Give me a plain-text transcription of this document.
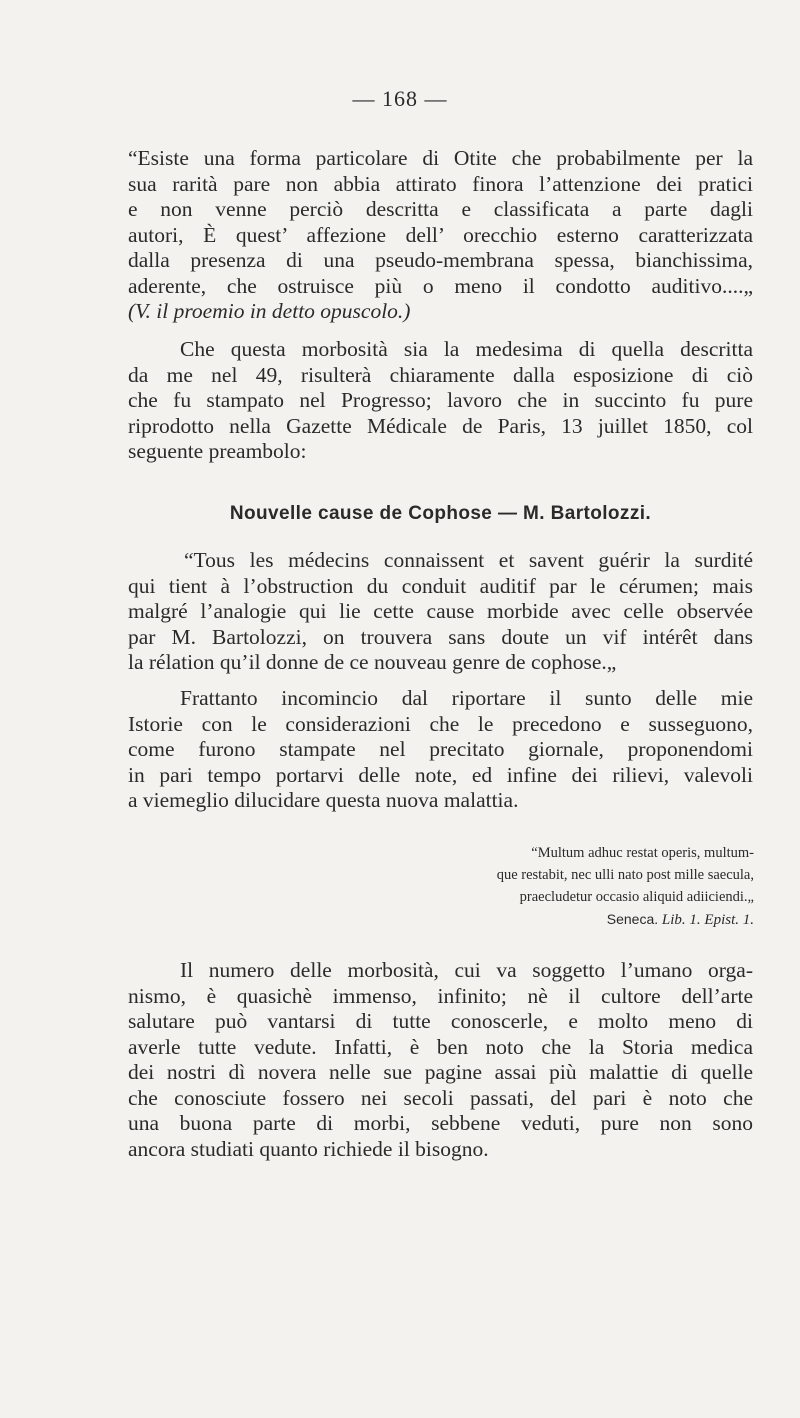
— 168 —
“Esiste una forma particolare di Otite che probabilmente per la
sua rarità pare non abbia attirato finora l’attenzione dei pratici
e non venne perciò descritta e classificata a parte dagli
autori, È quest’ affezione dell’ orecchio esterno caratterizzata
dalla presenza di una pseudo-membrana spessa, bianchissima,
aderente, che ostruisce più o meno il condotto auditivo....„
(V. il proemio in detto opuscolo.)
Che questa morbosità sia la medesima di quella descritta
da me nel 49, risulterà chiaramente dalla esposizione di ciò
che fu stampato nel Progresso; lavoro che in succinto fu pure
riprodotto nella Gazette Médicale de Paris, 13 juillet 1850, col
seguente preambolo:
Nouvelle cause de Cophose — M. Bartolozzi.
“Tous les médecins connaissent et savent guérir la surdité
qui tient à l’obstruction du conduit auditif par le cérumen; mais
malgré l’analogie qui lie cette cause morbide avec celle observée
par M. Bartolozzi, on trouvera sans doute un vif intérêt dans
la rélation qu’il donne de ce nouveau genre de cophose.„
Frattanto incomincio dal riportare il sunto delle mie
Istorie con le considerazioni che le precedono e susseguono,
come furono stampate nel precitato giornale, proponendomi
in pari tempo portarvi delle note, ed infine dei rilievi, valevoli
a viemeglio dilucidare questa nuova malattia.
“Multum adhuc restat operis, multum-
que restabit, nec ulli nato post mille saecula,
praecludetur occasio aliquid adiiciendi.„
Seneca. Lib. 1. Epist. 1.
Il numero delle morbosità, cui va soggetto l’umano orga-
nismo, è quasichè immenso, infinito; nè il cultore dell’arte
salutare può vantarsi di tutte conoscerle, e molto meno di
averle tutte vedute. Infatti, è ben noto che la Storia medica
dei nostri dì novera nelle sue pagine assai più malattie di quelle
che conosciute fossero nei secoli passati, del pari è noto che
una buona parte di morbi, sebbene veduti, pure non sono
ancora studiati quanto richiede il bisogno.
